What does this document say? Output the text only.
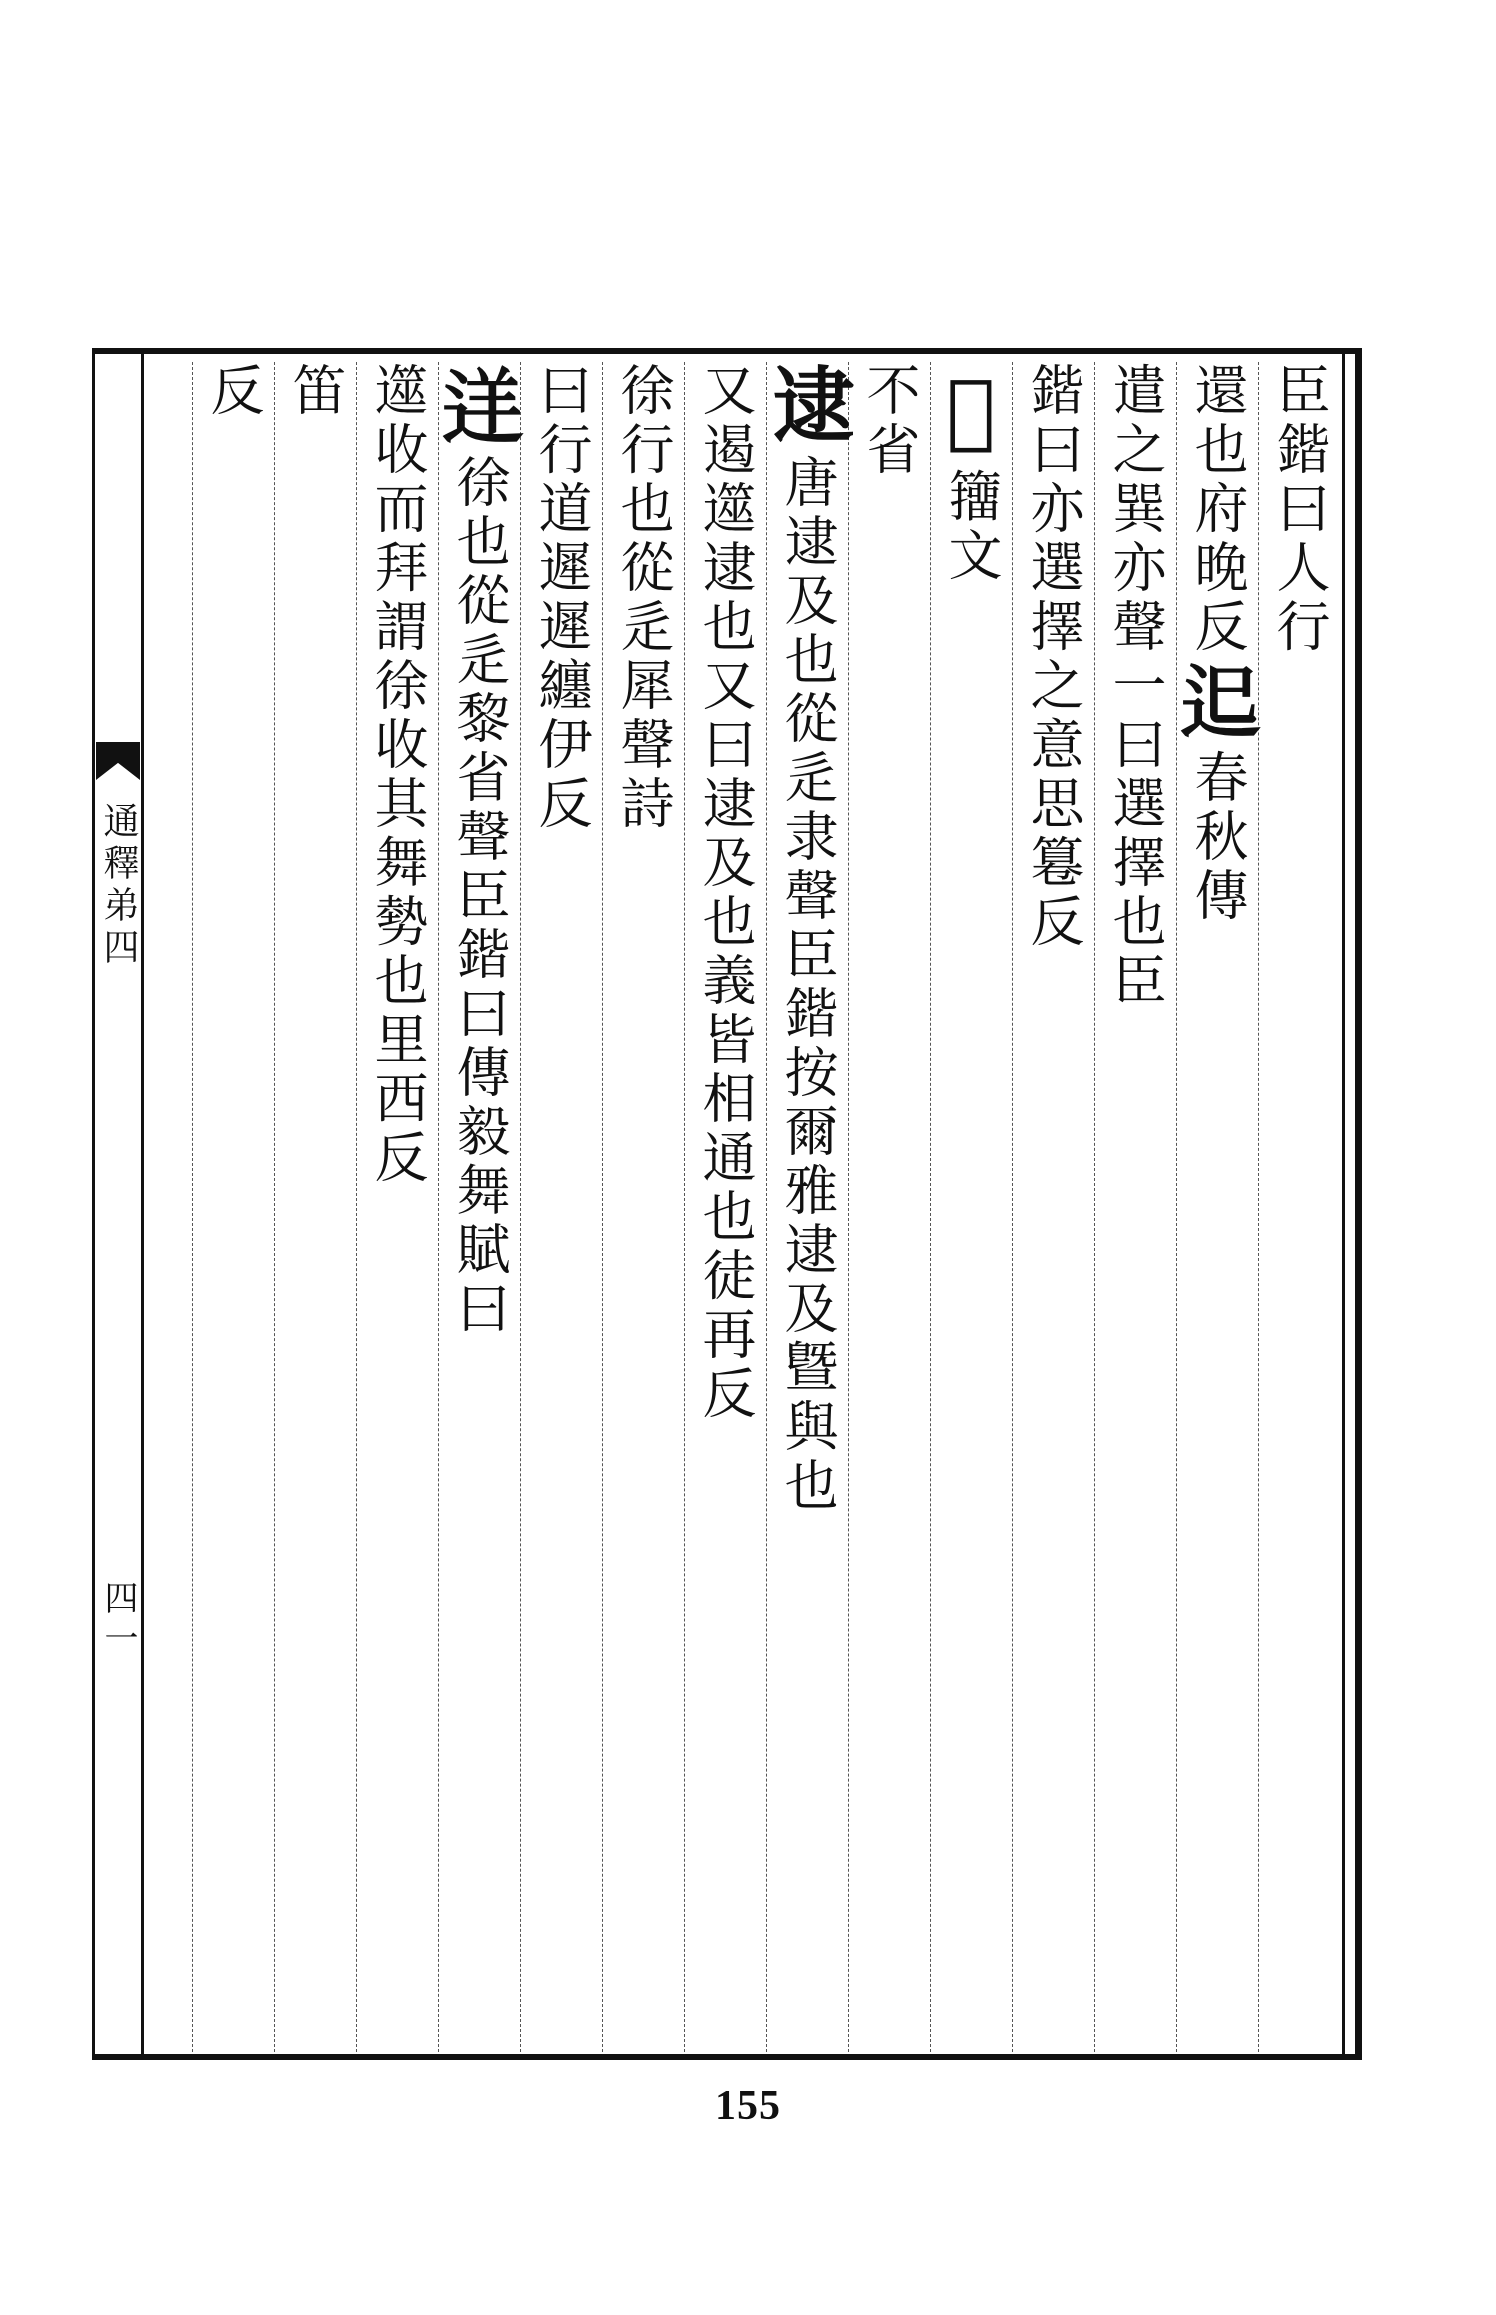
通釋弟四
四一
臣鍇曰人行
還也府晚反𨑓春秋傳
遣之巽亦聲一曰選擇也臣
鍇曰亦選擇之意思篹反
𨗳籒文
不省
逮唐逮及也從辵隶聲臣鍇按爾雅逮及曁與也
又遏遾逮也又曰逮及也義皆相通也徒再反
徐行也從辵犀聲詩
曰行道遲遲纏伊反
𨒫徐也從辵黎省聲臣鍇曰傳毅舞賦曰
遾收而拜謂徐收其舞勢也里西反
笛
反
155
